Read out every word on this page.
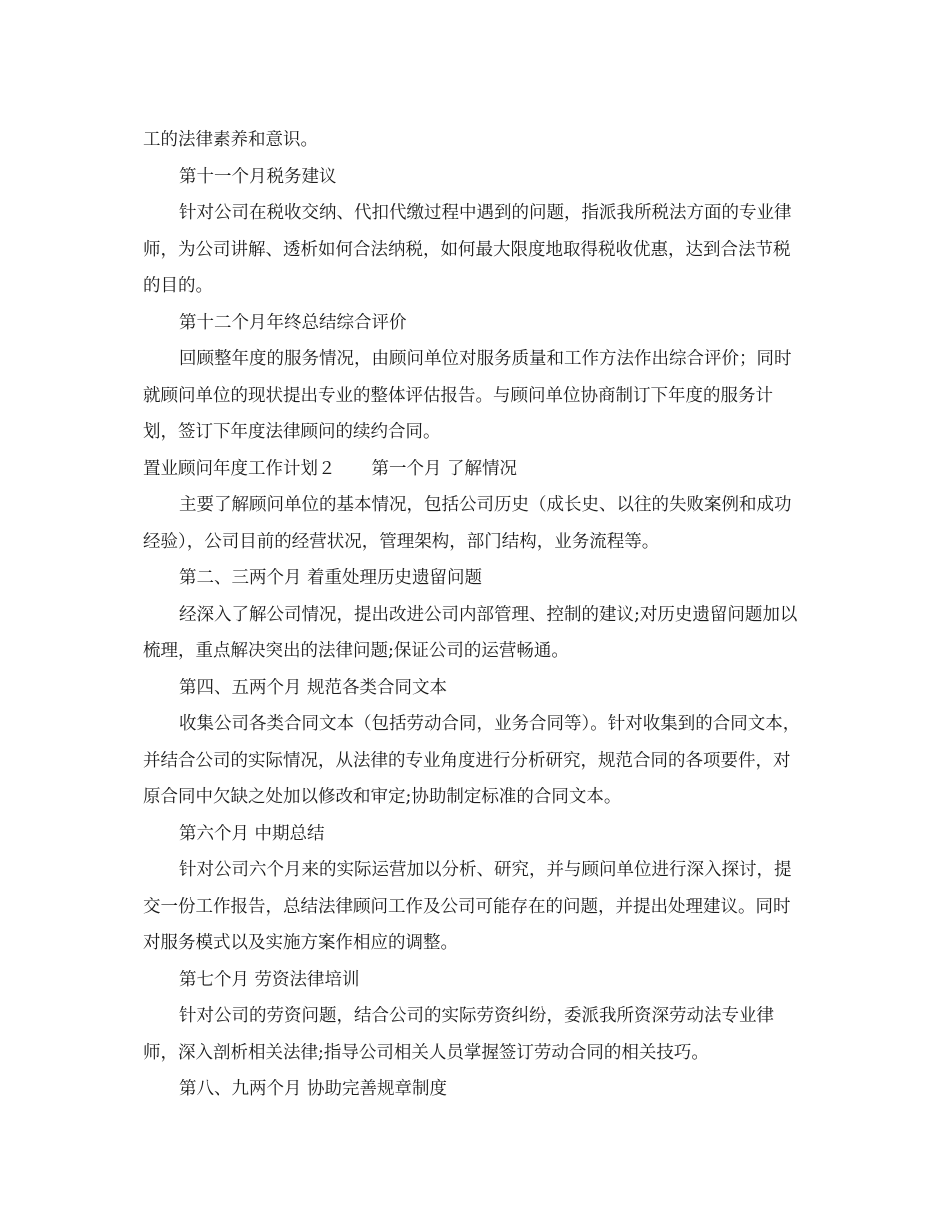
工的法律素养和意识。

第十一个月税务建议

针对公司在税收交纳、代扣代缴过程中遇到的问题，指派我所税法方面的专业律师，为公司讲解、透析如何合法纳税，如何最大限度地取得税收优惠，达到合法节税的目的。

第十二个月年终总结综合评价

回顾整年度的服务情况，由顾问单位对服务质量和工作方法作出综合评价；同时就顾问单位的现状提出专业的整体评估报告。与顾问单位协商制订下年度的服务计划，签订下年度法律顾问的续约合同。

置业顾问年度工作计划２ 第一个月 了解情况

主要了解顾问单位的基本情况，包括公司历史（成长史、以往的失败案例和成功经验），公司目前的经营状况，管理架构，部门结构，业务流程等。

第二、三两个月 着重处理历史遗留问题

经深入了解公司情况，提出改进公司内部管理、控制的建议;对历史遗留问题加以梳理，重点解决突出的法律问题;保证公司的运营畅通。

第四、五两个月 规范各类合同文本

收集公司各类合同文本（包括劳动合同，业务合同等）。针对收集到的合同文本，并结合公司的实际情况，从法律的专业角度进行分析研究，规范合同的各项要件，对原合同中欠缺之处加以修改和审定;协助制定标准的合同文本。

第六个月 中期总结

针对公司六个月来的实际运营加以分析、研究，并与顾问单位进行深入探讨，提交一份工作报告，总结法律顾问工作及公司可能存在的问题，并提出处理建议。同时对服务模式以及实施方案作相应的调整。

第七个月 劳资法律培训

针对公司的劳资问题，结合公司的实际劳资纠纷，委派我所资深劳动法专业律师，深入剖析相关法律;指导公司相关人员掌握签订劳动合同的相关技巧。

第八、九两个月 协助完善规章制度
